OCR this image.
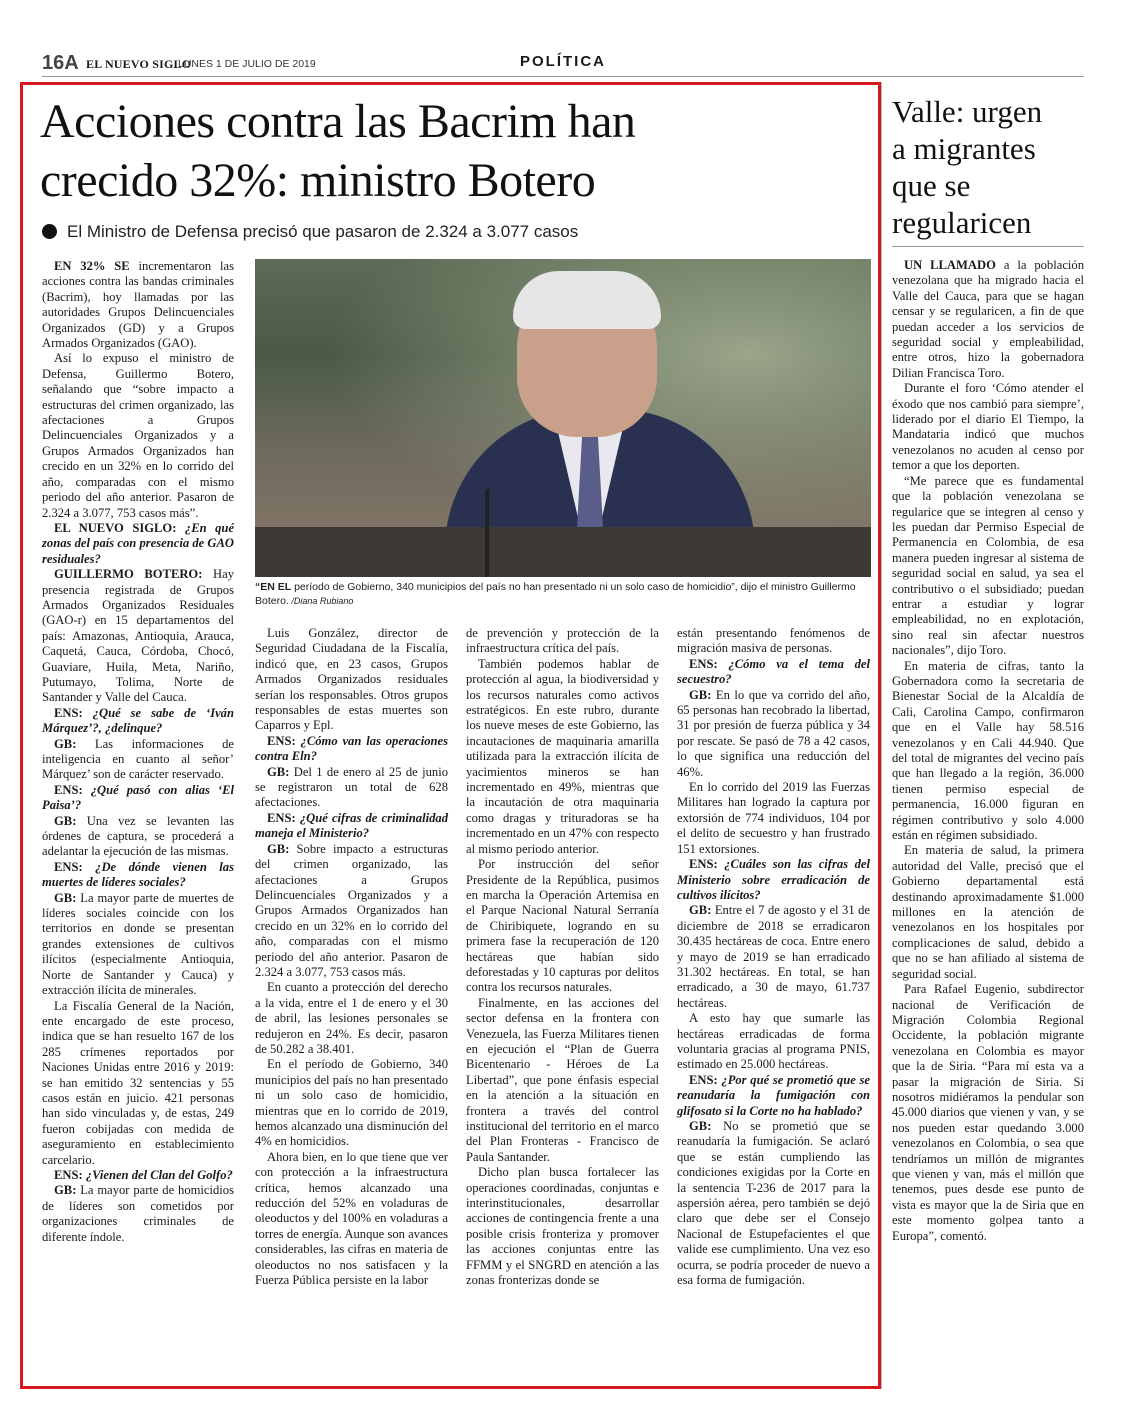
16A EL NUEVO SIGLO
LUNES 1 DE JULIO DE 2019	POLÍTICA
Acciones contra las Bacrim han
crecido 32%: ministro Botero
El Ministro de Defensa precisó que pasaron de 2.324 a 3.077 casos

EN 32% SE incrementaron las acciones contra las bandas criminales (Bacrim), hoy llamadas por las autoridades Grupos Delincuenciales Organizados (GD) y a Grupos Armados Organizados (GAO).

Así lo expuso el ministro de Defensa, Guillermo Botero, señalando que “sobre impacto a estructuras del crimen organizado, las afectaciones a Grupos Delincuenciales Organizados y a Grupos Armados Organizados han crecido en un 32% en lo corrido del año, comparadas con el mismo periodo del año anterior. Pasaron de 2.324 a 3.077, 753 casos más”.

EL NUEVO SIGLO: ¿En qué zonas del país con presencia de GAO residuales?

GUILLERMO BOTERO: Hay presencia registrada de Grupos Armados Organizados Residuales (GAO-r) en 15 departamentos del país: Amazonas, Antioquia, Arauca, Caquetá, Cauca, Córdoba, Chocó, Guaviare, Huila, Meta, Nariño, Putumayo, Tolima, Norte de Santander y Valle del Cauca.

ENS: ¿Qué se sabe de ‘Iván Márquez’?, ¿delinque?

GB: Las informaciones de inteligencia en cuanto al señor’ Márquez’ son de carácter reservado.

ENS: ¿Qué pasó con alias ‘El Paisa’?

GB: Una vez se levanten las órdenes de captura, se procederá a adelantar la ejecución de las mismas.

ENS: ¿De dónde vienen las muertes de líderes sociales?

GB: La mayor parte de muertes de líderes sociales coincide con los territorios en donde se presentan grandes extensiones de cultivos ilícitos (especialmente Antioquia, Norte de Santander y Cauca) y extracción ilícita de minerales.

La Fiscalía General de la Nación, ente encargado de este proceso, indica que se han resuelto 167 de los 285 crímenes reportados por Naciones Unidas entre 2016 y 2019: se han emitido 32 sentencias y 55 casos están en juicio. 421 personas han sido vinculadas y, de estas, 249 fueron cobijadas con medida de aseguramiento en establecimiento carcelario.

ENS: ¿Vienen del Clan del Golfo?

GB: La mayor parte de homicidios de líderes son cometidos por organizaciones criminales de diferente índole.

“EN EL período de Gobierno, 340 municipios del país no han presentado ni un solo caso de homicidio”, dijo el ministro Guillermo Botero. /Diana Rubiano

Luis González, director de Seguridad Ciudadana de la Fiscalía, indicó que, en 23 casos, Grupos Armados Organizados residuales serían los responsables. Otros grupos responsables de estas muertes son Caparros y Epl.

ENS: ¿Cómo van las operaciones contra Eln?

GB: Del 1 de enero al 25 de junio se registraron un total de 628 afectaciones.

ENS: ¿Qué cifras de criminalidad maneja el Ministerio?

GB: Sobre impacto a estructuras del crimen organizado, las afectaciones a Grupos Delincuenciales Organizados y a Grupos Armados Organizados han crecido en un 32% en lo corrido del año, comparadas con el mismo periodo del año anterior. Pasaron de 2.324 a 3.077, 753 casos más.

En cuanto a protección del derecho a la vida, entre el 1 de enero y el 30 de abril, las lesiones personales se redujeron en 24%. Es decir, pasaron de 50.282 a 38.401.

En el período de Gobierno, 340 municipios del país no han presentado ni un solo caso de homicidio, mientras que en lo corrido de 2019, hemos alcanzado una disminución del 4% en homicidios.

Ahora bien, en lo que tiene que ver con protección a la infraestructura crítica, hemos alcanzado una reducción del 52% en voladuras de oleoductos y del 100% en voladuras a torres de energía. Aunque son avances considerables, las cifras en materia de oleoductos no nos satisfacen y la Fuerza Pública persiste en la labor

de prevención y protección de la infraestructura crítica del país.

También podemos hablar de protección al agua, la biodiversidad y los recursos naturales como activos estratégicos. En este rubro, durante los nueve meses de este Gobierno, las incautaciones de maquinaria amarilla utilizada para la extracción ilícita de yacimientos mineros se han incrementado en 49%, mientras que la incautación de otra maquinaria como dragas y trituradoras se ha incrementado en un 47% con respecto al mismo periodo anterior.

Por instrucción del señor Presidente de la República, pusimos en marcha la Operación Artemisa en el Parque Nacional Natural Serranía de Chiribiquete, logrando en su primera fase la recuperación de 120 hectáreas que habían sido deforestadas y 10 capturas por delitos contra los recursos naturales.

Finalmente, en las acciones del sector defensa en la frontera con Venezuela, las Fuerza Militares tienen en ejecución el “Plan de Guerra Bicentenario - Héroes de La Libertad”, que pone énfasis especial en la atención a la situación en frontera a través del control institucional del territorio en el marco del Plan Fronteras - Francisco de Paula Santander.

Dicho plan busca fortalecer las operaciones coordinadas, conjuntas e interinstitucionales, desarrollar acciones de contingencia frente a una posible crisis fronteriza y promover las acciones conjuntas entre las FFMM y el SNGRD en atención a las zonas fronterizas donde se

están presentando fenómenos de migración masiva de personas.

ENS: ¿Cómo va el tema del secuestro?

GB: En lo que va corrido del año, 65 personas han recobrado la libertad, 31 por presión de fuerza pública y 34 por rescate. Se pasó de 78 a 42 casos, lo que significa una reducción del 46%.

En lo corrido del 2019 las Fuerzas Militares han logrado la captura por extorsión de 774 individuos, 104 por el delito de secuestro y han frustrado 151 extorsiones.

ENS: ¿Cuáles son las cifras del Ministerio sobre erradicación de cultivos ilícitos?

GB: Entre el 7 de agosto y el 31 de diciembre de 2018 se erradicaron 30.435 hectáreas de coca. Entre enero y mayo de 2019 se han erradicado 31.302 hectáreas. En total, se han erradicado, a 30 de mayo, 61.737 hectáreas.

A esto hay que sumarle las hectáreas erradicadas de forma voluntaria gracias al programa PNIS, estimado en 25.000 hectáreas.

ENS: ¿Por qué se prometió que se reanudaría la fumigación con glifosato si la Corte no ha hablado?

GB: No se prometió que se reanudaría la fumigación. Se aclaró que se están cumpliendo las condiciones exigidas por la Corte en la sentencia T-236 de 2017 para la aspersión aérea, pero también se dejó claro que debe ser el Consejo Nacional de Estupefacientes el que valide ese cumplimiento. Una vez eso ocurra, se podría proceder de nuevo a esa forma de fumigación.

Valle: urgen
a migrantes
que se
regularicen

UN LLAMADO a la población venezolana que ha migrado hacia el Valle del Cauca, para que se hagan censar y se regularicen, a fin de que puedan acceder a los servicios de seguridad social y empleabilidad, entre otros, hizo la gobernadora Dilian Francisca Toro.

Durante el foro ‘Cómo atender el éxodo que nos cambió para siempre’, liderado por el diario El Tiempo, la Mandataria indicó que muchos venezolanos no acuden al censo por temor a que los deporten.

“Me parece que es fundamental que la población venezolana se regularice que se integren al censo y les puedan dar Permiso Especial de Permanencia en Colombia, de esa manera pueden ingresar al sistema de seguridad social en salud, ya sea el contributivo o el subsidiado; puedan entrar a estudiar y lograr empleabilidad, no en explotación, sino real sin afectar nuestros nacionales”, dijo Toro.

En materia de cifras, tanto la Gobernadora como la secretaria de Bienestar Social de la Alcaldía de Cali, Carolina Campo, confirmaron que en el Valle hay 58.516 venezolanos y en Cali 44.940. Que del total de migrantes del vecino país que han llegado a la región, 36.000 tienen permiso especial de permanencia, 16.000 figuran en régimen contributivo y solo 4.000 están en régimen subsidiado.

En materia de salud, la primera autoridad del Valle, precisó que el Gobierno departamental está destinando aproximadamente $1.000 millones en la atención de venezolanos en los hospitales por complicaciones de salud, debido a que no se han afiliado al sistema de seguridad social.

Para Rafael Eugenio, subdirector nacional de Verificación de Migración Colombia Regional Occidente, la población migrante venezolana en Colombia es mayor que la de Siria. “Para mí esta va a pasar la migración de Siria. Si nosotros midiéramos la pendular son 45.000 diarios que vienen y van, y se nos pueden estar quedando 3.000 venezolanos en Colombia, o sea que tendríamos un millón de migrantes que vienen y van, más el millón que tenemos, pues desde ese punto de vista es mayor que la de Siria que en este momento golpea tanto a Europa”, comentó.
